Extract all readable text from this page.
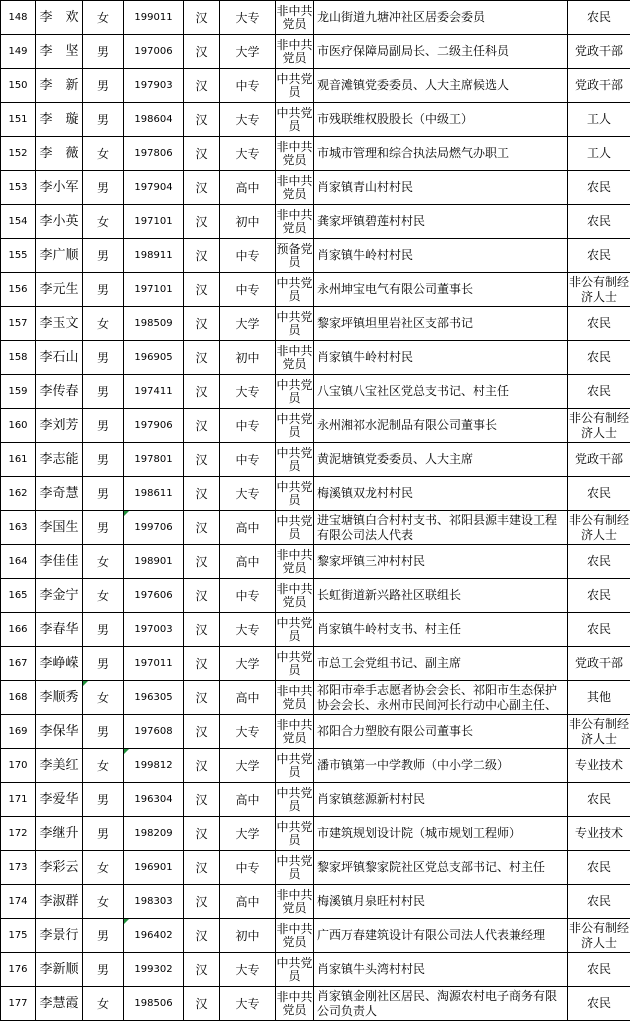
148	李　欢	女	199011	汉	大专	非中共党员	龙山街道九塘冲社区居委会委员	农民
149	李　坚	男	197006	汉	大学	非中共党员	市医疗保障局副局长、二级主任科员	党政干部
150	李　新	男	197903	汉	中专	中共党员	观音滩镇党委委员、人大主席候选人	党政干部
151	李　璇	男	198604	汉	大专	中共党员	市残联维权股股长（中级工）	工人
152	李　薇	女	197806	汉	大专	非中共党员	市城市管理和综合执法局燃气办职工	工人
153	李小军	男	197904	汉	高中	非中共党员	肖家镇青山村村民	农民
154	李小英	女	197101	汉	初中	非中共党员	龚家坪镇碧莲村村民	农民
155	李广顺	男	198911	汉	中专	预备党员	肖家镇牛岭村村民	农民
156	李元生	男	197101	汉	中专	中共党员	永州坤宝电气有限公司董事长	非公有制经济人士
157	李玉文	女	198509	汉	大学	中共党员	黎家坪镇坦里岩社区支部书记	农民
158	李石山	男	196905	汉	初中	非中共党员	肖家镇牛岭村村民	农民
159	李传春	男	197411	汉	大专	中共党员	八宝镇八宝社区党总支书记、村主任	农民
160	李刘芳	男	197906	汉	中专	中共党员	永州湘祁水泥制品有限公司董事长	非公有制经济人士
161	李志能	男	197801	汉	中专	中共党员	黄泥塘镇党委委员、人大主席	党政干部
162	李奇慧	男	198611	汉	大专	中共党员	梅溪镇双龙村村民	农民
163	李国生	男	199706	汉	高中	中共党员	进宝塘镇白合村村支书、祁阳县源丰建设工程有限公司法人代表	非公有制经济人士
164	李佳佳	女	198901	汉	高中	非中共党员	黎家坪镇三冲村村民	农民
165	李金宁	女	197606	汉	中专	非中共党员	长虹街道新兴路社区联组长	农民
166	李春华	男	197003	汉	大专	中共党员	肖家镇牛岭村支书、村主任	农民
167	李峥嵘	男	197011	汉	大学	中共党员	市总工会党组书记、副主席	党政干部
168	李顺秀	女	196305	汉	高中	非中共党员	祁阳市牵手志愿者协会会长、祁阳市生态保护协会会长、永州市民间河长行动中心副主任、	其他
169	李保华	男	197608	汉	大专	非中共党员	祁阳合力塑胶有限公司董事长	非公有制经济人士
170	李美红	女	199812	汉	大学	中共党员	潘市镇第一中学教师（中小学二级）	专业技术
171	李爱华	男	196304	汉	高中	中共党员	肖家镇慈源新村村民	农民
172	李继升	男	198209	汉	大学	中共党员	市建筑规划设计院（城市规划工程师）	专业技术
173	李彩云	女	196901	汉	中专	中共党员	黎家坪镇黎家院社区党总支部书记、村主任	农民
174	李淑群	女	198303	汉	高中	非中共党员	梅溪镇月泉旺村村民	农民
175	李景行	男	196402	汉	初中	非中共党员	广西万春建筑设计有限公司法人代表兼经理	非公有制经济人士
176	李新顺	男	199302	汉	大专	中共党员	肖家镇牛头湾村村民	农民
177	李慧霞	女	198506	汉	大专	非中共党员	肖家镇金刚社区居民、淘源农村电子商务有限公司负责人	农民
